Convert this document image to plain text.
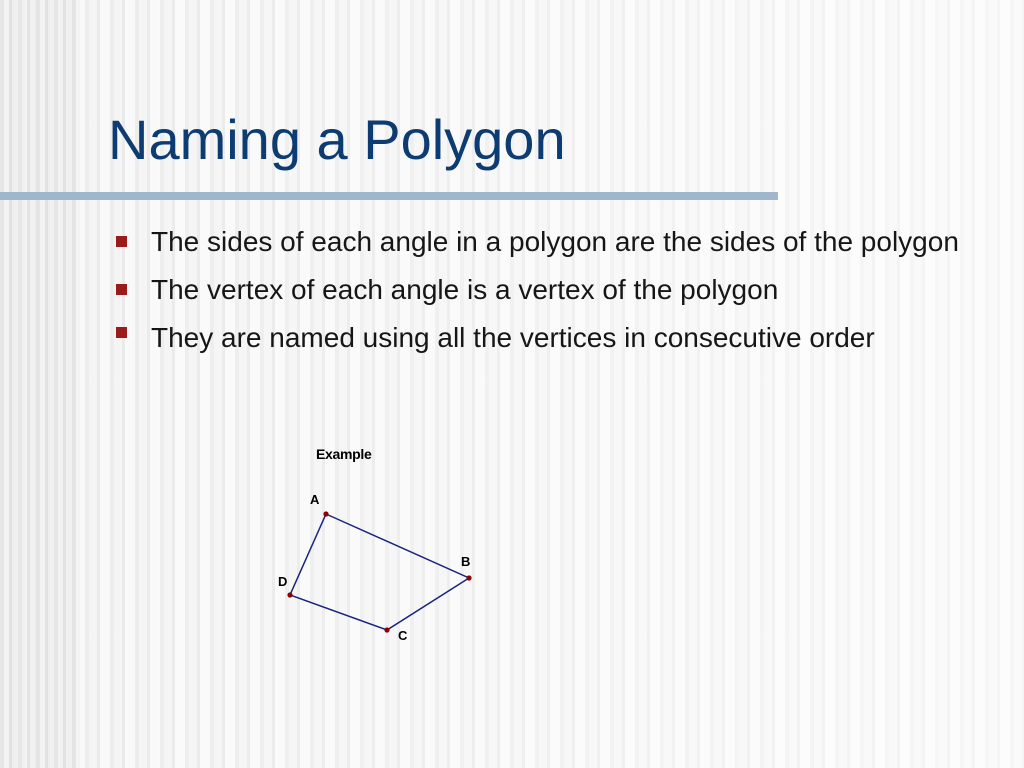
Naming a Polygon
The sides of each angle in a polygon are the sides of the polygon
The vertex of each angle is a vertex of the polygon
They are named using all the vertices in consecutive order
Example
A
B
C
D
